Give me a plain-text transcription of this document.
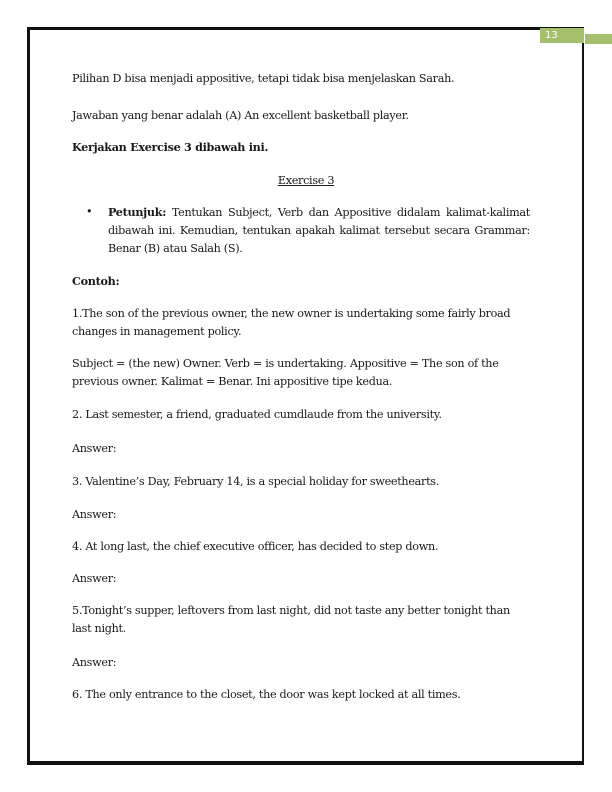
13
Pilihan D bisa menjadi appositive, tetapi tidak bisa menjelaskan Sarah.
Jawaban yang benar adalah (A) An excellent basketball player.
Kerjakan Exercise 3 dibawah ini.
Exercise 3
• Petunjuk: Tentukan Subject, Verb dan Appositive didalam kalimat-kalimat dibawah ini. Kemudian, tentukan apakah kalimat tersebut secara Grammar: Benar (B) atau Salah (S).
Contoh:
1.The son of the previous owner, the new owner is undertaking some fairly broad changes in management policy.
Subject = (the new) Owner. Verb = is undertaking. Appositive = The son of the previous owner. Kalimat = Benar. Ini appositive tipe kedua.
2. Last semester, a friend, graduated cumdlaude from the university.
Answer:
3. Valentine’s Day, February 14, is a special holiday for sweethearts.
Answer:
4. At long last, the chief executive officer, has decided to step down.
Answer:
5.Tonight’s supper, leftovers from last night, did not taste any better tonight than last night.
Answer:
6. The only entrance to the closet, the door was kept locked at all times.
